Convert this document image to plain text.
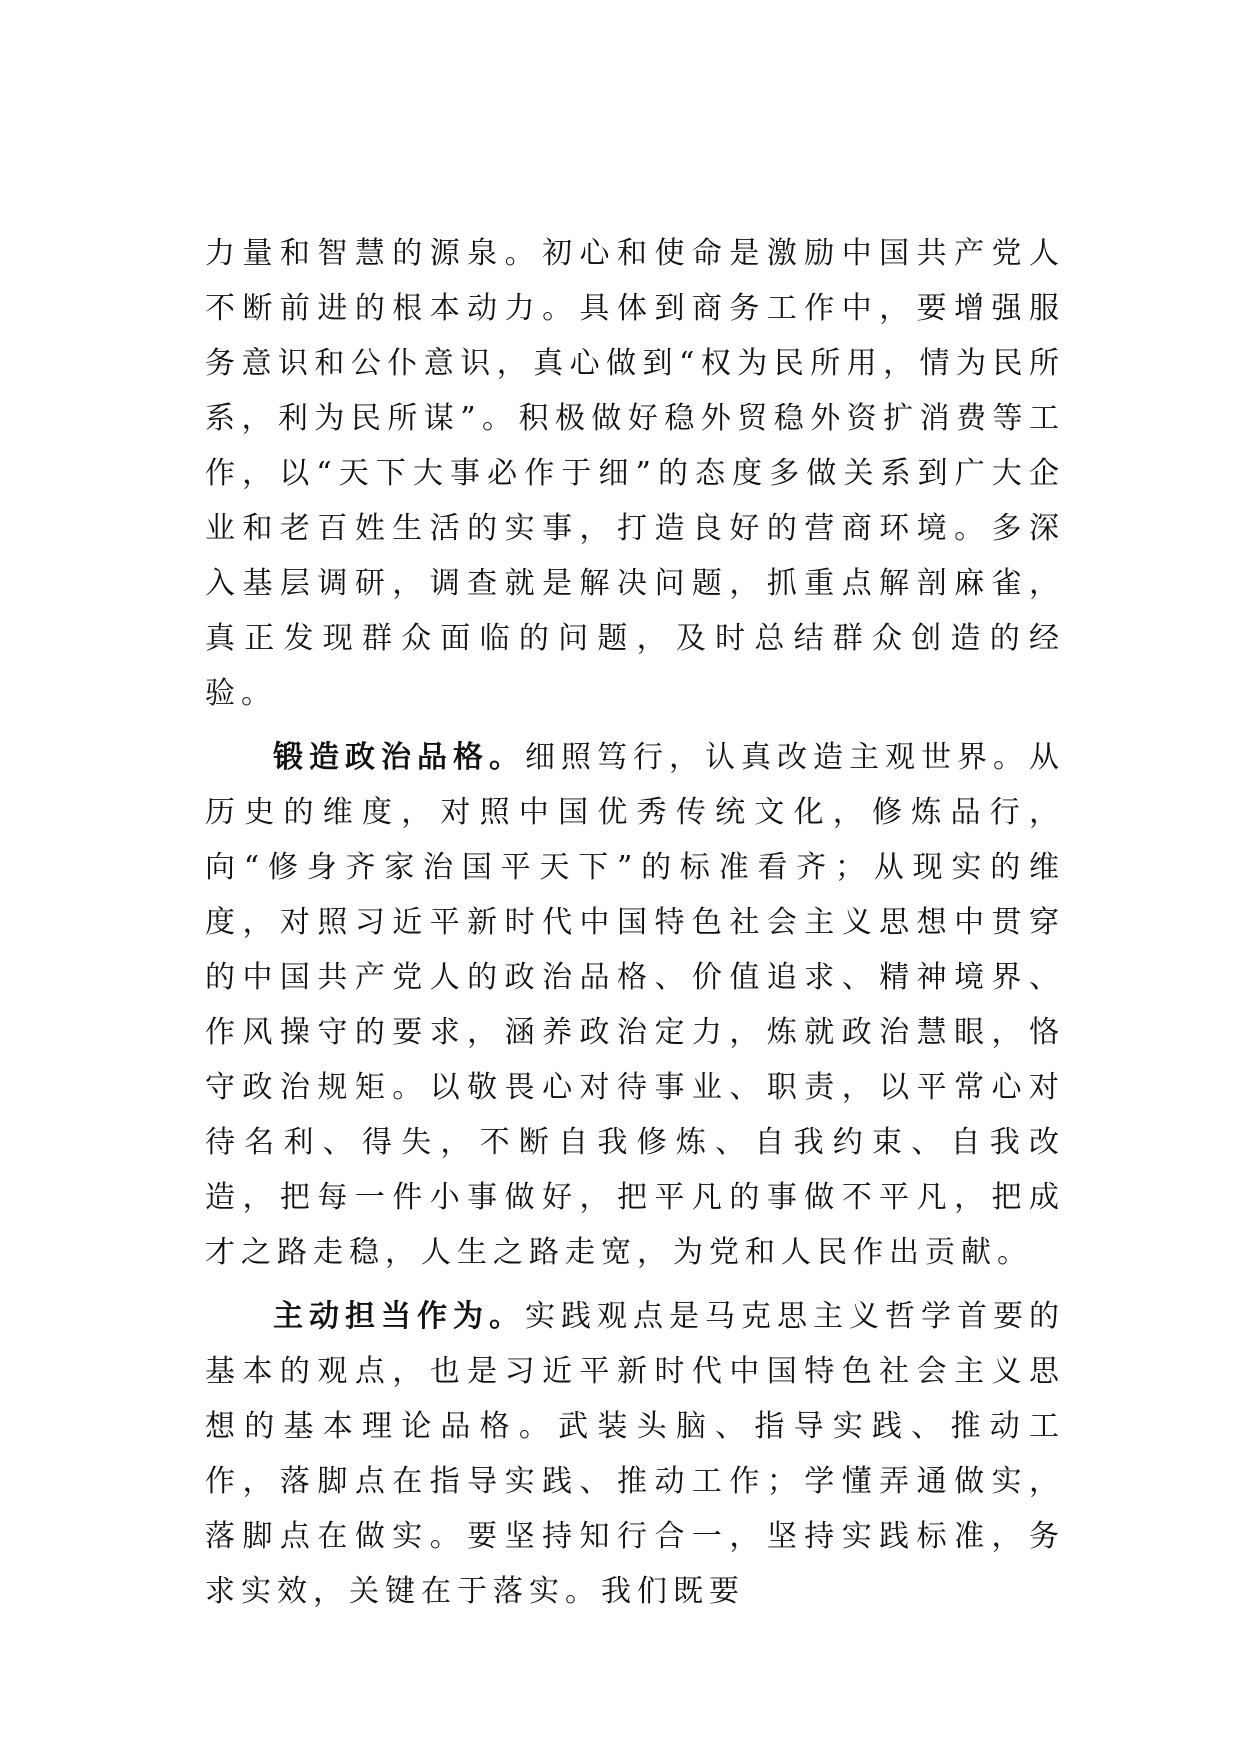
力量和智慧的源泉。初心和使命是激励中国共产党人不断前进的根本动力。具体到商务工作中，要增强服务意识和公仆意识，真心做到“权为民所用，情为民所系，利为民所谋”。积极做好稳外贸稳外资扩消费等工作，以“天下大事必作于细”的态度多做关系到广大企业和老百姓生活的实事，打造良好的营商环境。多深入基层调研，调查就是解决问题，抓重点解剖麻雀，真正发现群众面临的问题，及时总结群众创造的经验。

锻造政治品格。细照笃行，认真改造主观世界。从历史的维度，对照中国优秀传统文化，修炼品行，向“修身齐家治国平天下”的标准看齐；从现实的维度，对照习近平新时代中国特色社会主义思想中贯穿的中国共产党人的政治品格、价值追求、精神境界、作风操守的要求，涵养政治定力，炼就政治慧眼，恪守政治规矩。以敬畏心对待事业、职责，以平常心对待名利、得失，不断自我修炼、自我约束、自我改造，把每一件小事做好，把平凡的事做不平凡，把成才之路走稳，人生之路走宽，为党和人民作出贡献。

主动担当作为。实践观点是马克思主义哲学首要的基本的观点，也是习近平新时代中国特色社会主义思想的基本理论品格。武装头脑、指导实践、推动工作，落脚点在指导实践、推动工作；学懂弄通做实，落脚点在做实。要坚持知行合一，坚持实践标准，务求实效，关键在于落实。我们既要
